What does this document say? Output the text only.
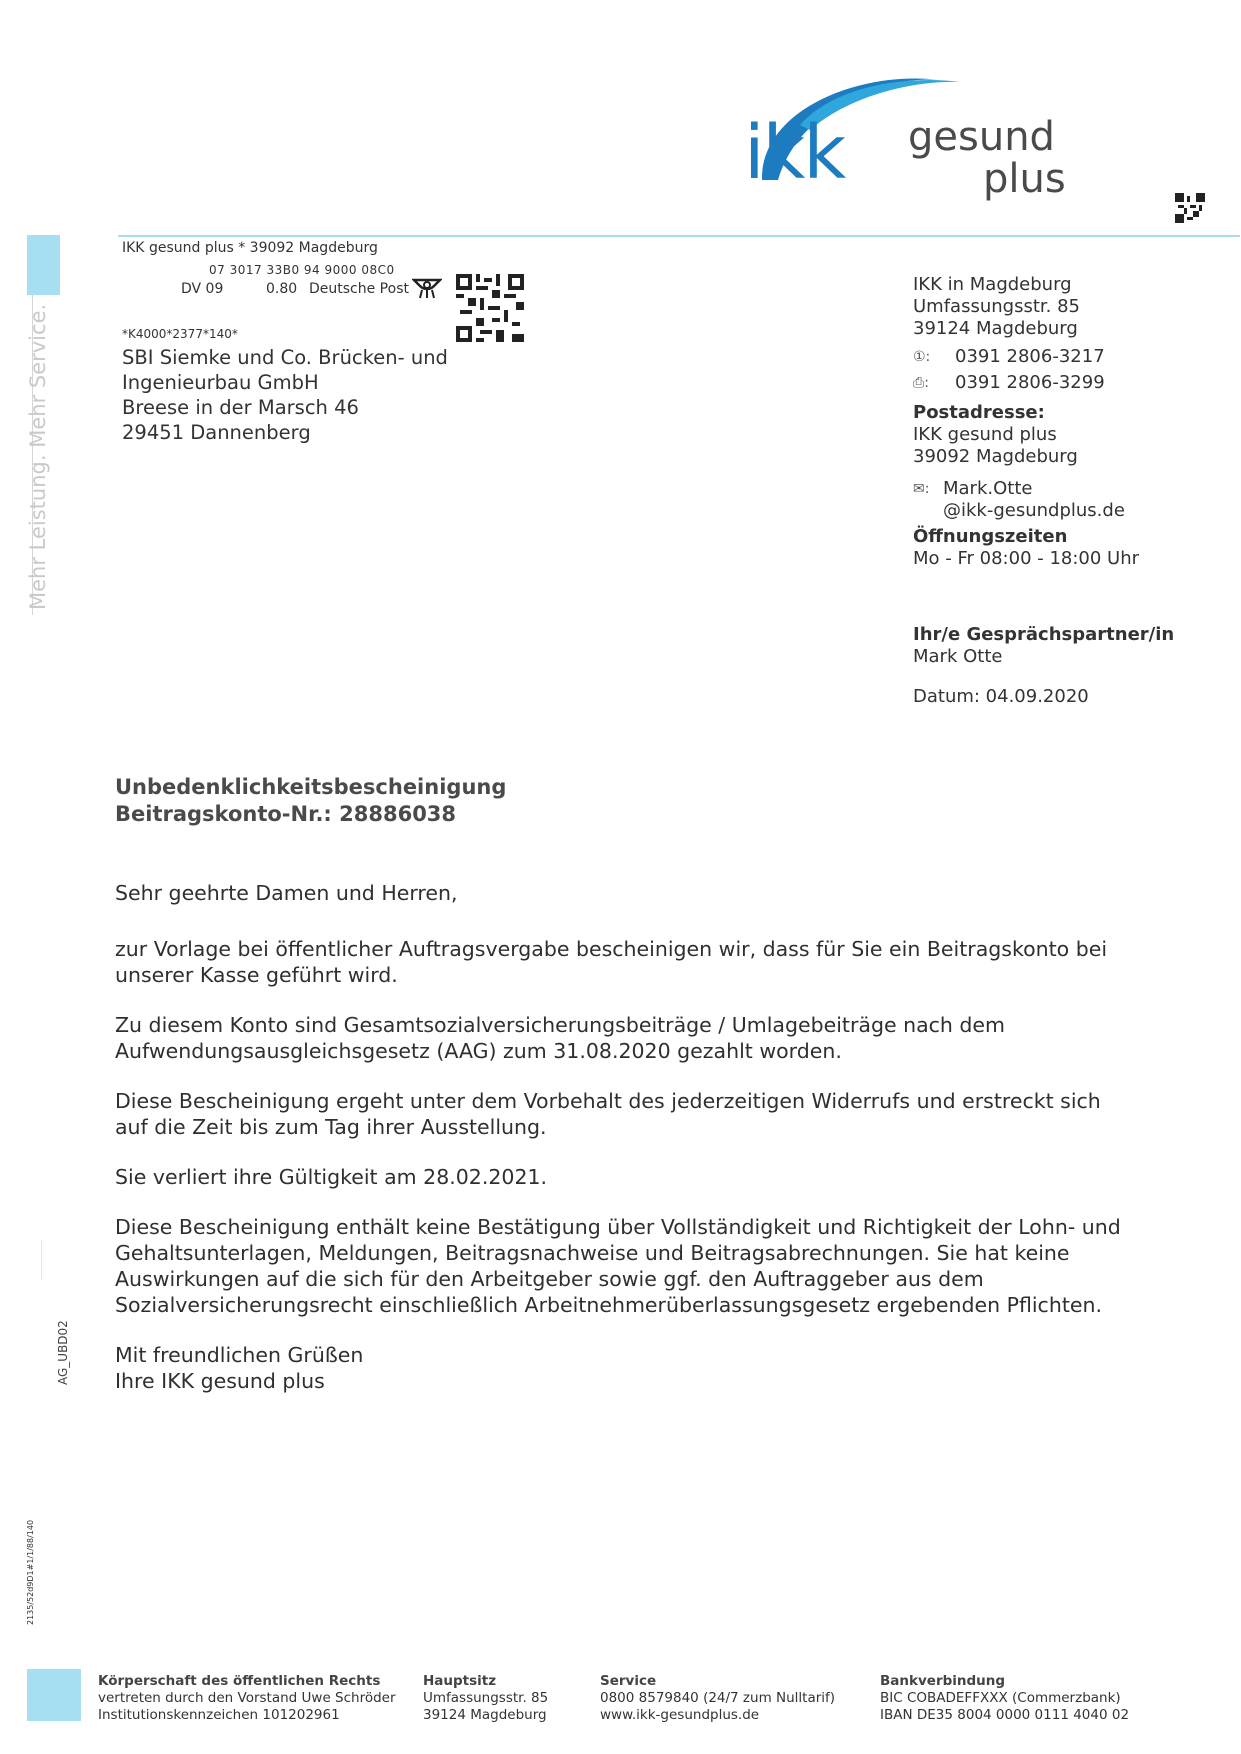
ikk gesund
plus
Mehr Leistung. Mehr Service.
AG_UBD02
2135/52d9D1#1/1/88/140
IKK gesund plus * 39092 Magdeburg
07 3017 33B0 94 9000 08C0
DV 09	0.80 Deutsche Post
*K4000*2377*140*
SBI Siemke und Co. Brücken- und
Ingenieurbau GmbH
Breese in der Marsch 46
29451 Dannenberg
IKK in Magdeburg
Umfassungsstr. 85
39124 Magdeburg
①:	0391 2806-3217
⎙:	0391 2806-3299
Postadresse:
IKK gesund plus
39092 Magdeburg
✉: Mark.Otte
@ikk-gesundplus.de
Öffnungszeiten
Mo - Fr 08:00 - 18:00 Uhr
Ihr/e Gesprächspartner/in
Mark Otte
Datum: 04.09.2020
Unbedenklichkeitsbescheinigung
Beitragskonto-Nr.: 28886038
Sehr geehrte Damen und Herren,
zur Vorlage bei öffentlicher Auftragsvergabe bescheinigen wir, dass für Sie ein Beitragskonto bei
unserer Kasse geführt wird.
Zu diesem Konto sind Gesamtsozialversicherungsbeiträge / Umlagebeiträge nach dem
Aufwendungsausgleichsgesetz (AAG) zum 31.08.2020 gezahlt worden.
Diese Bescheinigung ergeht unter dem Vorbehalt des jederzeitigen Widerrufs und erstreckt sich
auf die Zeit bis zum Tag ihrer Ausstellung.
Sie verliert ihre Gültigkeit am 28.02.2021.
Diese Bescheinigung enthält keine Bestätigung über Vollständigkeit und Richtigkeit der Lohn- und
Gehaltsunterlagen, Meldungen, Beitragsnachweise und Beitragsabrechnungen. Sie hat keine
Auswirkungen auf die sich für den Arbeitgeber sowie ggf. den Auftraggeber aus dem
Sozialversicherungsrecht einschließlich Arbeitnehmerüberlassungsgesetz ergebenden Pflichten.
Mit freundlichen Grüßen
Ihre IKK gesund plus
Körperschaft des öffentlichen Rechts
vertreten durch den Vorstand Uwe Schröder
Institutionskennzeichen 101202961
Hauptsitz
Umfassungsstr. 85
39124 Magdeburg
Service
0800 8579840 (24/7 zum Nulltarif)
www.ikk-gesundplus.de
Bankverbindung
BIC COBADEFFXXX (Commerzbank)
IBAN DE35 8004 0000 0111 4040 02
